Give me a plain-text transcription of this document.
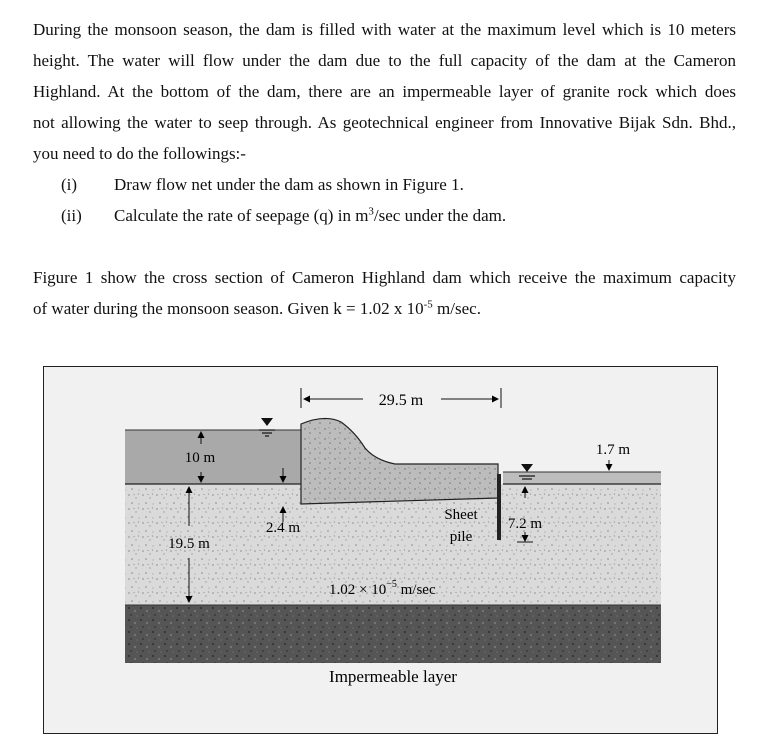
During the monsoon season, the dam is filled with water at the maximum level which is 10 meters
height. The water will flow under the dam due to the full capacity of the dam at the Cameron
Highland. At the bottom of the dam, there are an impermeable layer of granite rock which does
not allowing the water to seep through. As geotechnical engineer from Innovative Bijak Sdn. Bhd.,
you need to do the followings:-
(i) Draw flow net under the dam as shown in Figure 1.
(ii) Calculate the rate of seepage (q) in $m^3/\sec$ under the dam.
Figure 1 show the cross section of Cameron Highland dam which receive the maximum capacity
of water during the monsoon season. Given k = 1.02 x $10^{-5}$ m/sec.
29.5 m
10 m
19.5 m
2.4 m
Sheet
pile
7.2 m
1.7 m
$1.02 \times 10^{-5}$ m/sec
Impermeable layer
